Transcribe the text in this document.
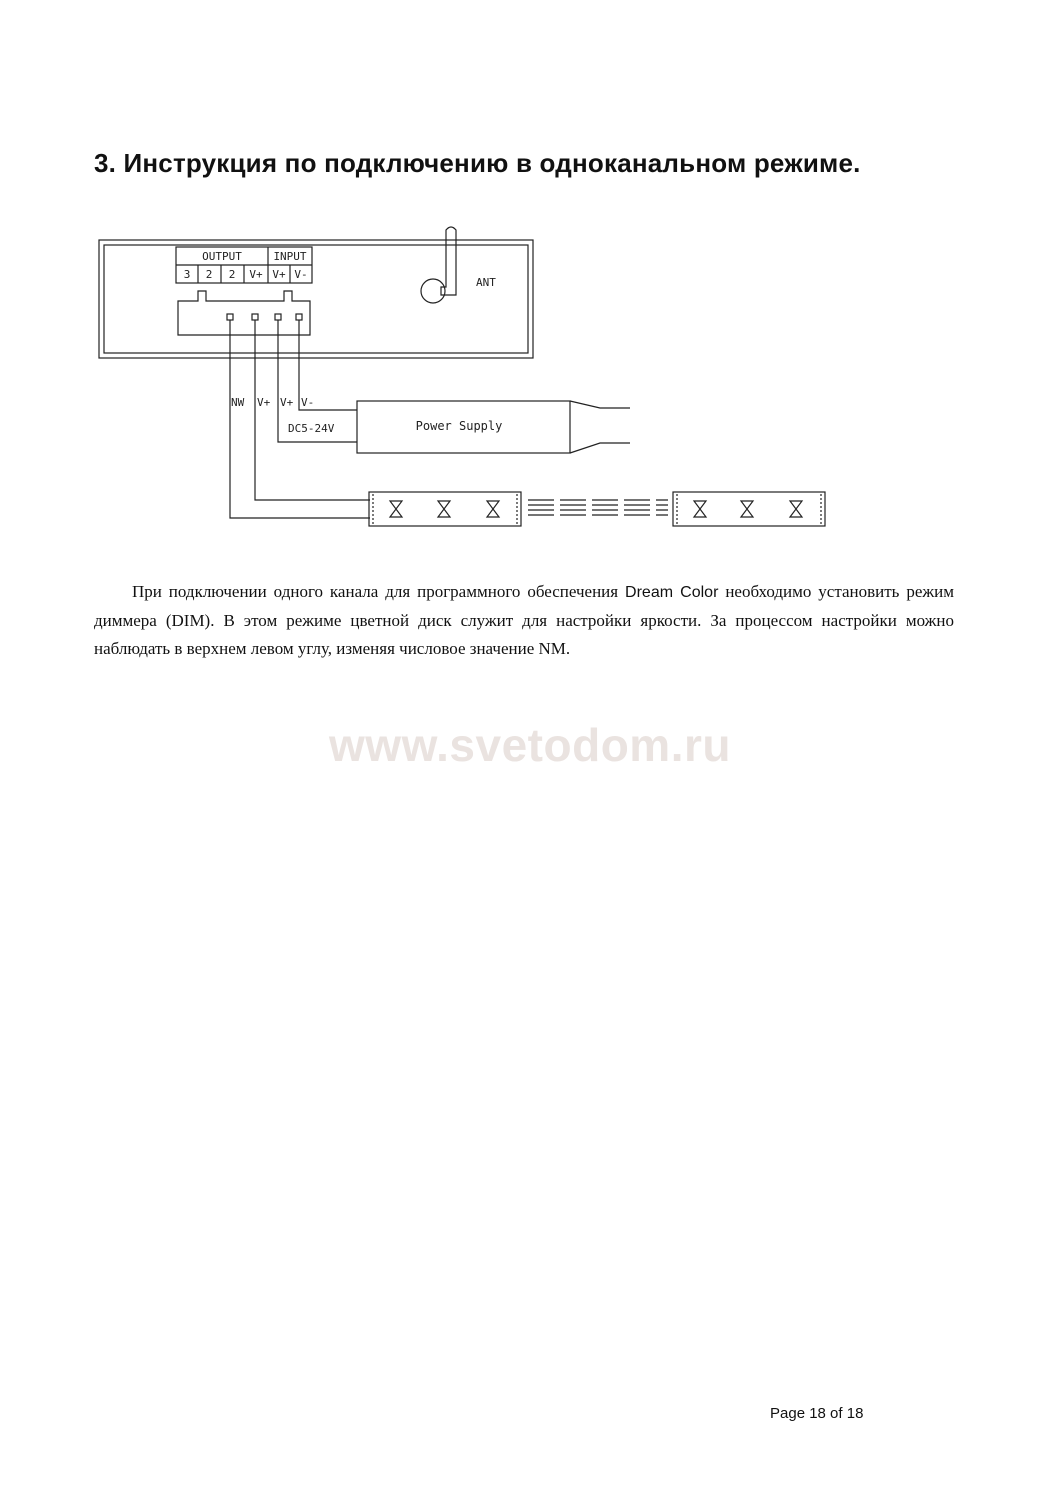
3. Инструкция по подключению в одноканальном режиме.
OUTPUT	INPUT
3 2 2 V+ V+ V-
ANT
NW V+ V+ V-
DC5-24V	Power Supply

При подключении одного канала для программного обеспечения Dream Color необходимо установить режим диммера (DIM). В этом режиме цветной диск служит для настройки яркости. За процессом настройки можно наблюдать в верхнем левом углу, изменяя числовое значение NM.

www.svetodom.ru
Page 18 of 18
